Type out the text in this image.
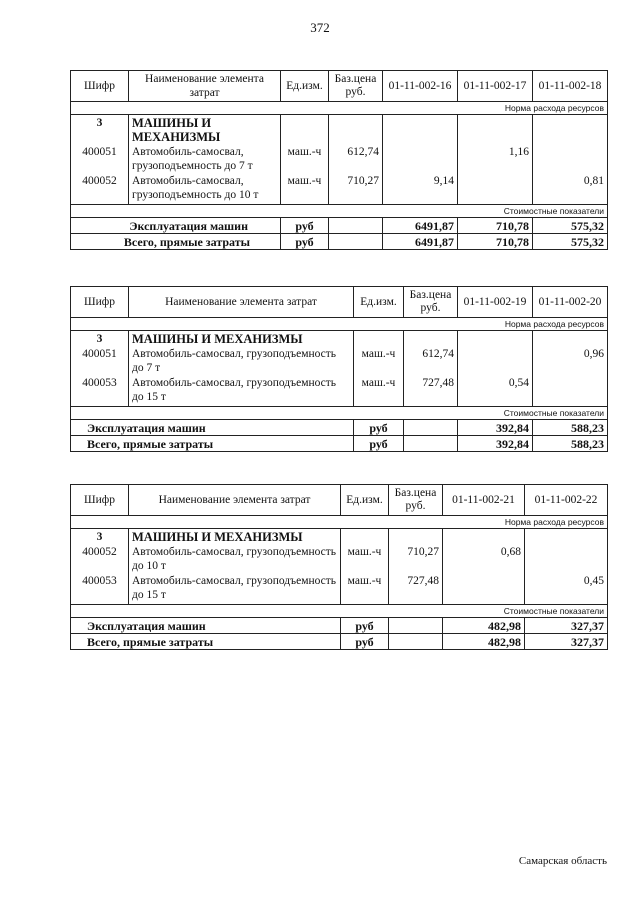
372
Шифр	Наименование элемента затрат	Ед.изм.	Баз.цена руб.	01-11-002-16	01-11-002-17	01-11-002-18
Норма расхода ресурсов						
3	МАШИНЫ И МЕХАНИЗМЫ					
400051	Автомобиль-самосвал, грузоподъемность до 7 т	маш.-ч	612,74		1,16	
400052	Автомобиль-самосвал, грузоподъемность до 10 т	маш.-ч	710,27	9,14		0,81
Стоимостные показатели						
Эксплуатация машин		руб		6491,87	710,78	575,32
Всего, прямые затраты		руб		6491,87	710,78	575,32
Шифр	Наименование элемента затрат	Ед.изм.	Баз.цена руб.	01-11-002-19	01-11-002-20
Норма расхода ресурсов					
3	МАШИНЫ И МЕХАНИЗМЫ				
400051	Автомобиль-самосвал, грузоподъемность до 7 т	маш.-ч	612,74		0,96
400053	Автомобиль-самосвал, грузоподъемность до 15 т	маш.-ч	727,48	0,54	
Стоимостные показатели					
Эксплуатация машин		руб		392,84	588,23
Всего, прямые затраты		руб		392,84	588,23
Шифр	Наименование элемента затрат	Ед.изм.	Баз.цена руб.	01-11-002-21	01-11-002-22
Норма расхода ресурсов					
3	МАШИНЫ И МЕХАНИЗМЫ				
400052	Автомобиль-самосвал, грузоподъемность до 10 т	маш.-ч	710,27	0,68	
400053	Автомобиль-самосвал, грузоподъемность до 15 т	маш.-ч	727,48		0,45
Стоимостные показатели					
Эксплуатация машин		руб		482,98	327,37
Всего, прямые затраты		руб		482,98	327,37
Самарская область
